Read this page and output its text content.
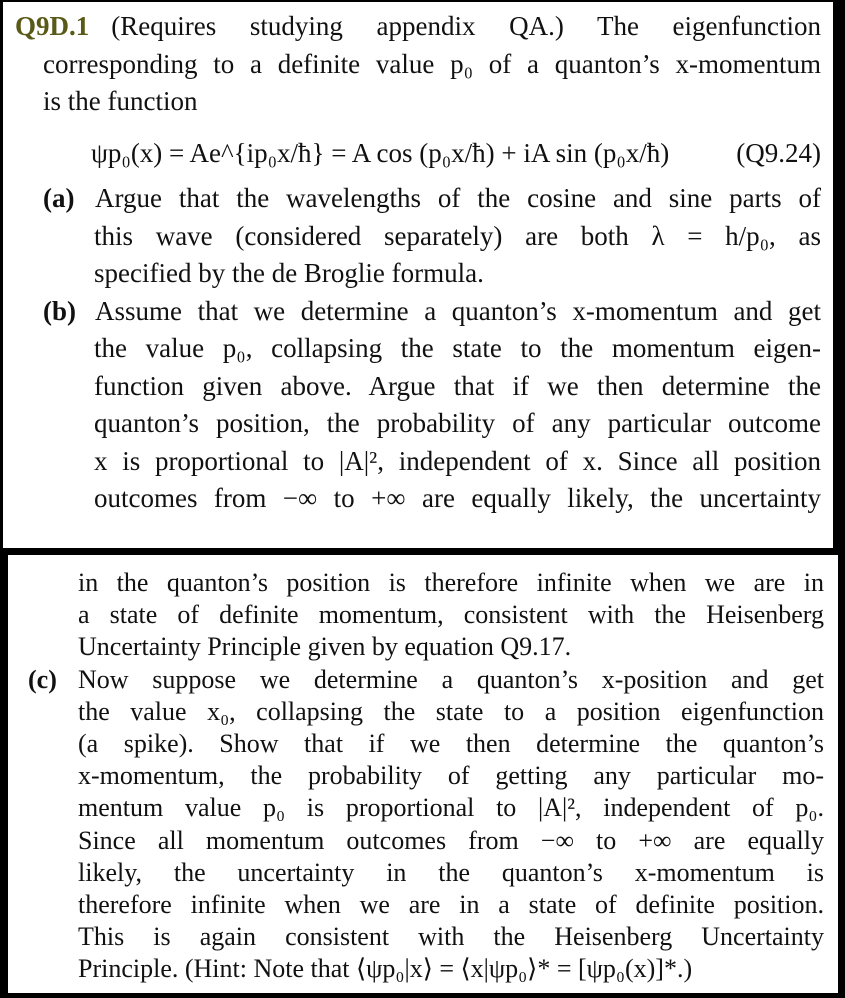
Q9D.1 (Requires studying appendix QA.) The eigenfunction
corresponding to a definite value p₀ of a quanton’s x-momentum
is the function
ψp₀(x) = Ae^{ip₀x/ħ} = A cos (p₀x/ħ) + iA sin (p₀x/ħ) (Q9.24)
(a) Argue that the wavelengths of the cosine and sine parts of
this wave (considered separately) are both λ = h/p₀, as
specified by the de Broglie formula.
(b) Assume that we determine a quanton’s x-momentum and get
the value p₀, collapsing the state to the momentum eigen-
function given above. Argue that if we then determine the
quanton’s position, the probability of any particular outcome
x is proportional to |A|², independent of x. Since all position
outcomes from −∞ to +∞ are equally likely, the uncertainty
in the quanton’s position is therefore infinite when we are in
a state of definite momentum, consistent with the Heisenberg
Uncertainty Principle given by equation Q9.17.
(c) Now suppose we determine a quanton’s x-position and get
the value x₀, collapsing the state to a position eigenfunction
(a spike). Show that if we then determine the quanton’s
x-momentum, the probability of getting any particular mo-
mentum value p₀ is proportional to |A|², independent of p₀.
Since all momentum outcomes from −∞ to +∞ are equally
likely, the uncertainty in the quanton’s x-momentum is
therefore infinite when we are in a state of definite position.
This is again consistent with the Heisenberg Uncertainty
Principle. (Hint: Note that ⟨ψp₀|x⟩ = ⟨x|ψp₀⟩* = [ψp₀(x)]*.)
